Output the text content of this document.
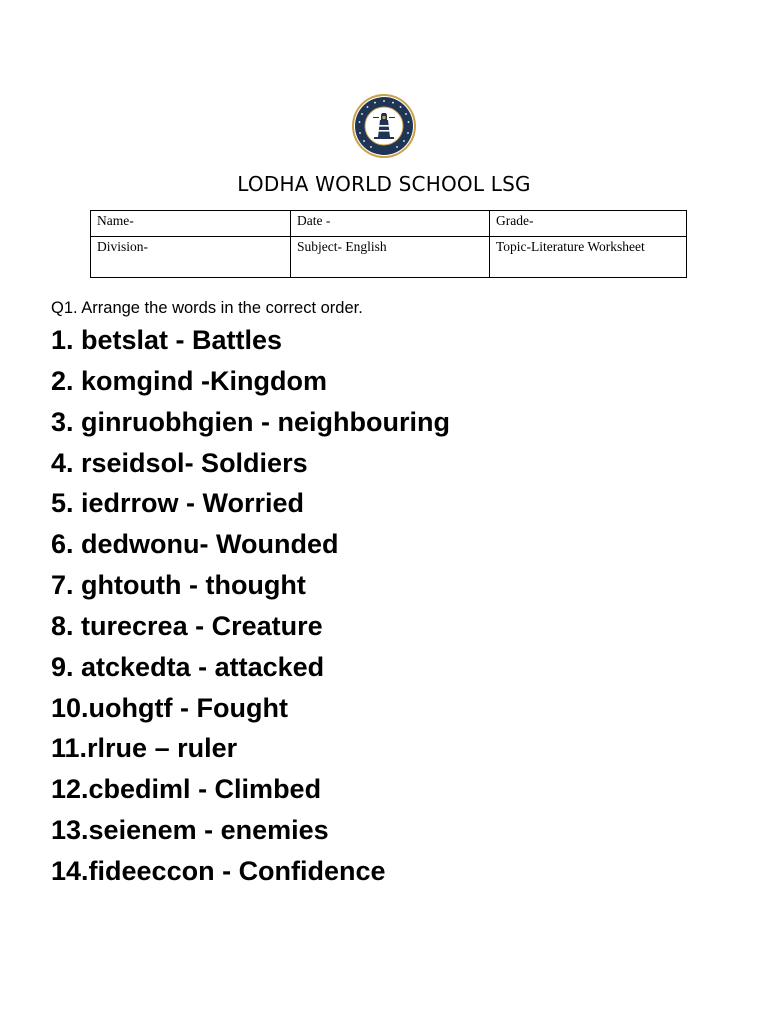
LODHA WORLD SCHOOL LSG
Name-	Date -	Grade-
Division-	Subject- English	Topic-Literature Worksheet
Q1. Arrange the words in the correct order.
1. betslat - Battles
2. komgind -Kingdom
3. ginruobhgien - neighbouring
4. rseidsol- Soldiers
5. iedrrow - Worried
6. dedwonu- Wounded
7. ghtouth - thought
8. turecrea - Creature
9. atckedta - attacked
10.uohgtf - Fought
11.rlrue – ruler
12.cbediml - Climbed
13.seienem - enemies
14.fideeccon - Confidence
